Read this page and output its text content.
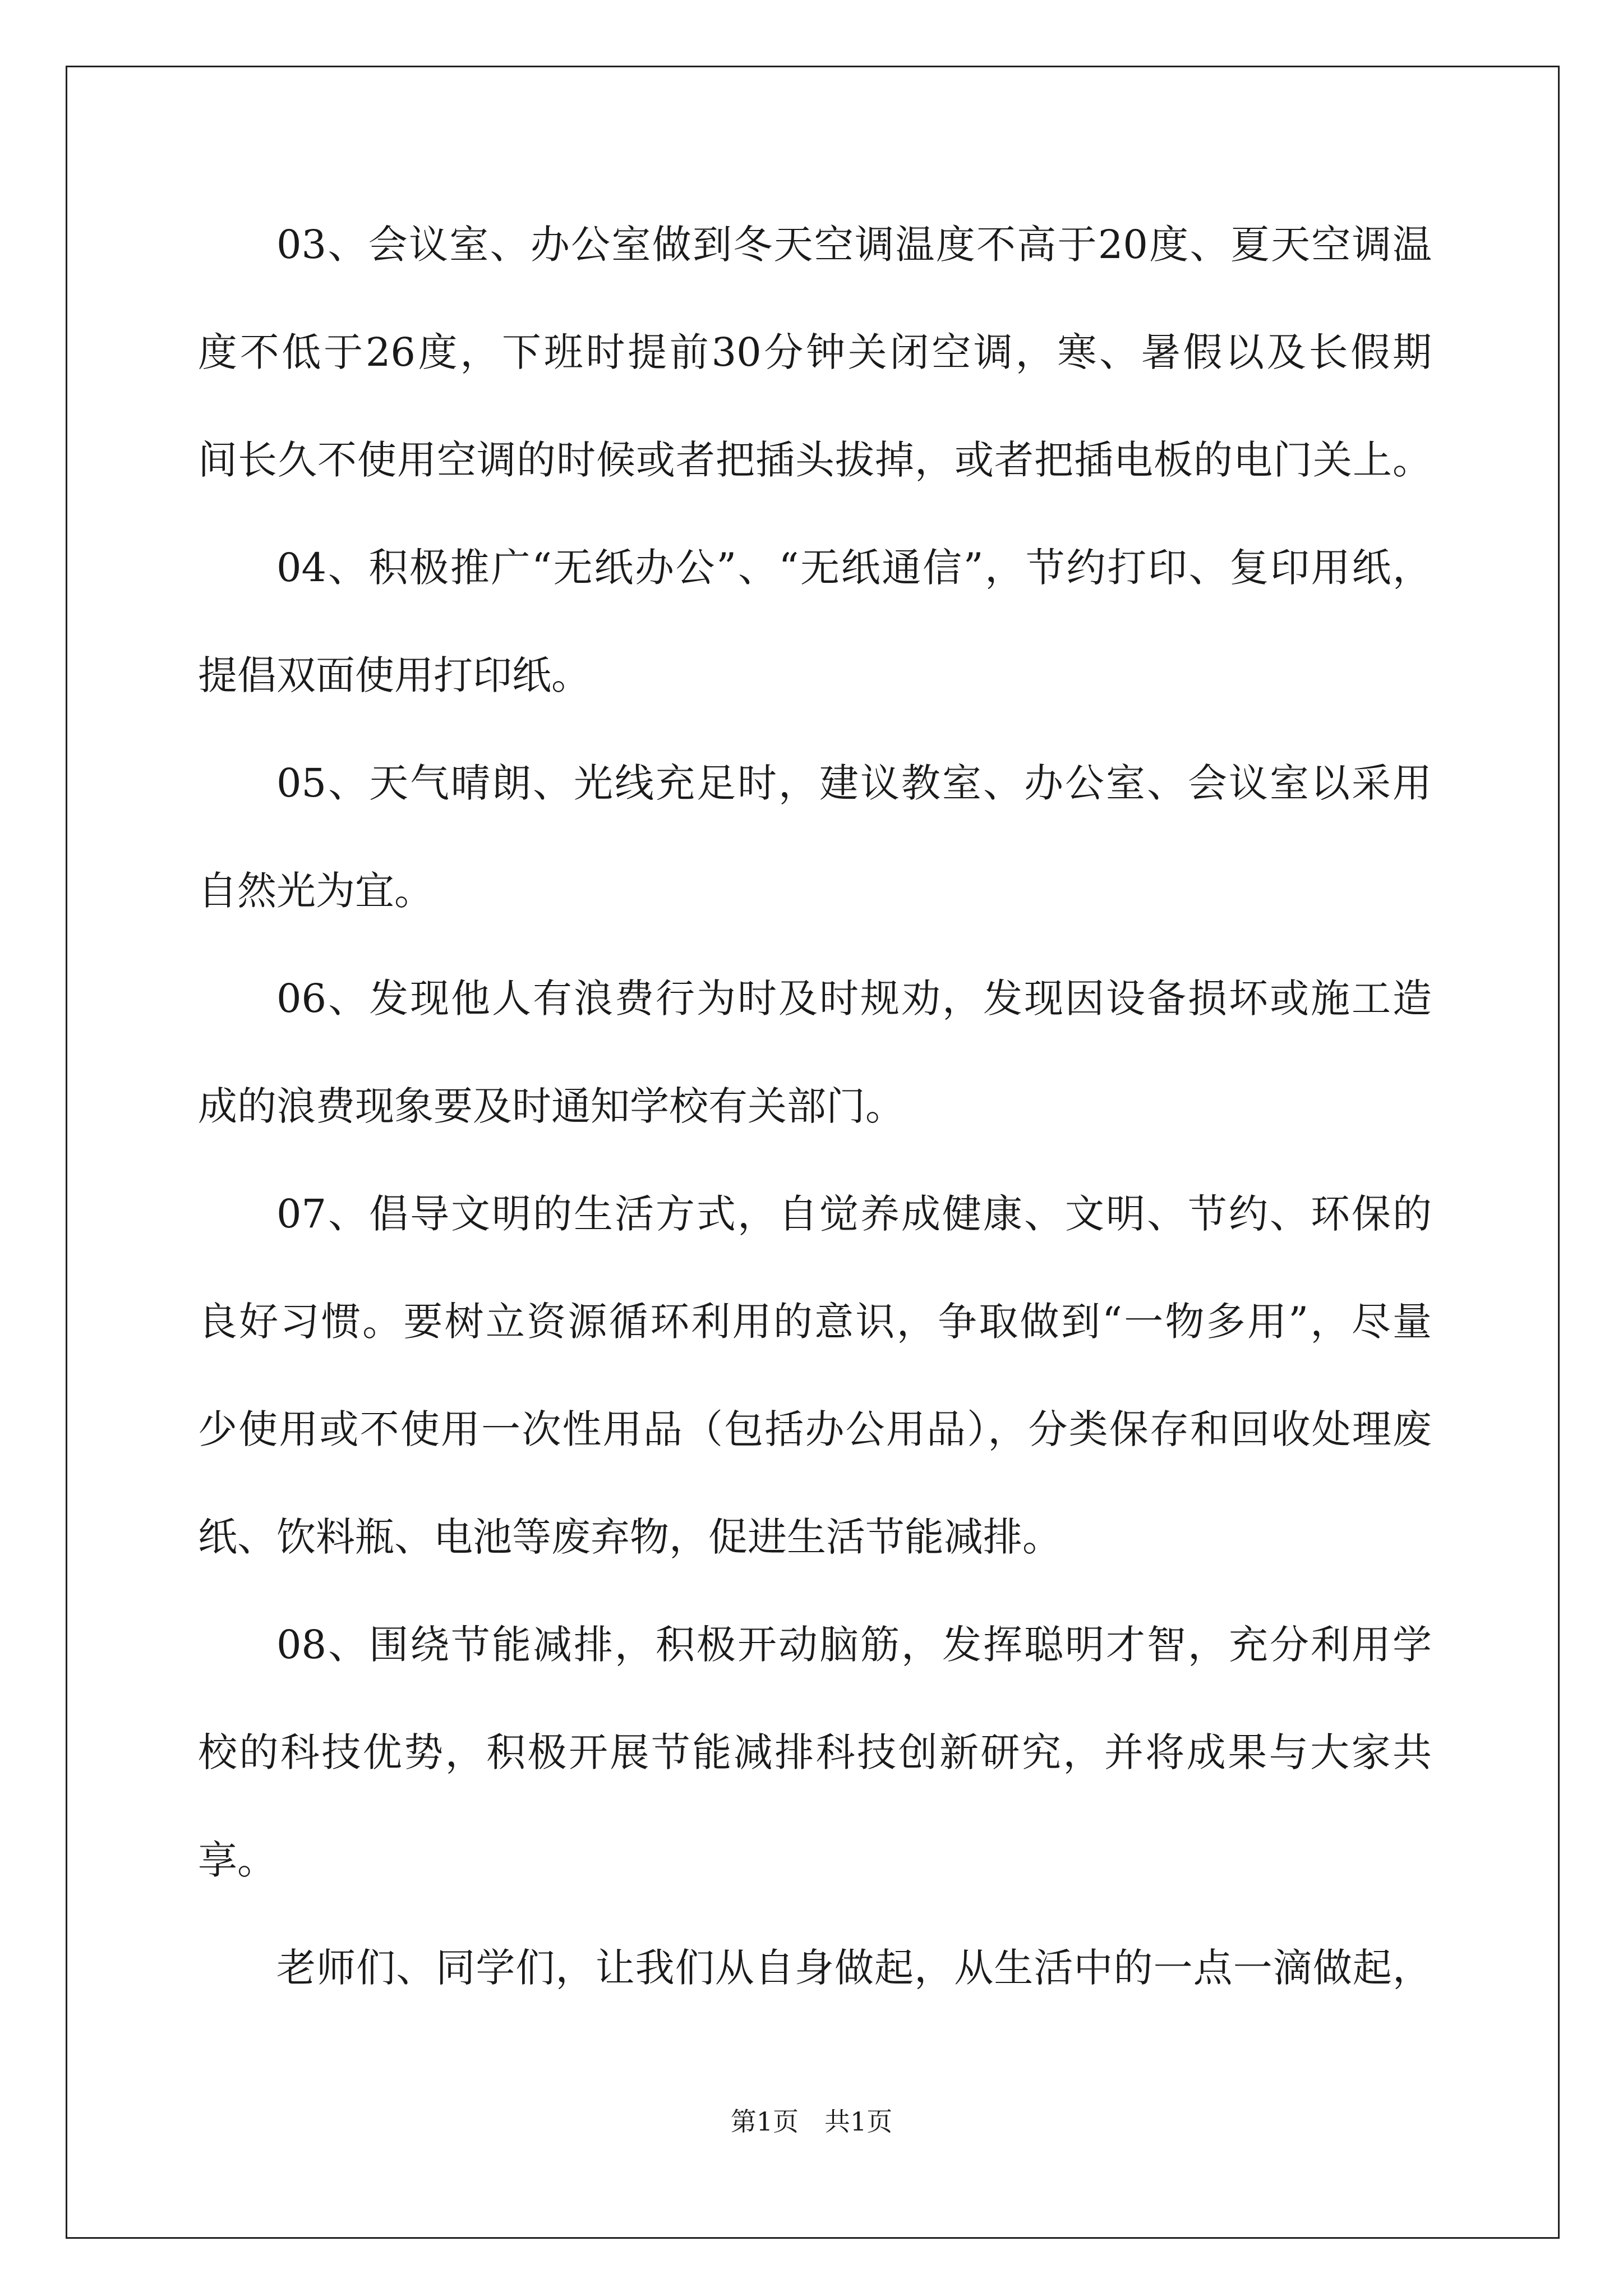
03、会议室、办公室做到冬天空调温度不高于20度、夏天空调温
度不低于26度，下班时提前30分钟关闭空调，寒、暑假以及长假期
间长久不使用空调的时候或者把插头拔掉，或者把插电板的电门关上。
04、积极推广“无纸办公”、“无纸通信”，节约打印、复印用纸，
提倡双面使用打印纸。
05、天气晴朗、光线充足时，建议教室、办公室、会议室以采用
自然光为宜。
06、发现他人有浪费行为时及时规劝，发现因设备损坏或施工造
成的浪费现象要及时通知学校有关部门。
07、倡导文明的生活方式，自觉养成健康、文明、节约、环保的
良好习惯。要树立资源循环利用的意识，争取做到“一物多用”，尽量
少使用或不使用一次性用品（包括办公用品），分类保存和回收处理废
纸、饮料瓶、电池等废弃物，促进生活节能减排。
08、围绕节能减排，积极开动脑筋，发挥聪明才智，充分利用学
校的科技优势，积极开展节能减排科技创新研究，并将成果与大家共
享。
老师们、同学们，让我们从自身做起，从生活中的一点一滴做起，
第1页 共1页
